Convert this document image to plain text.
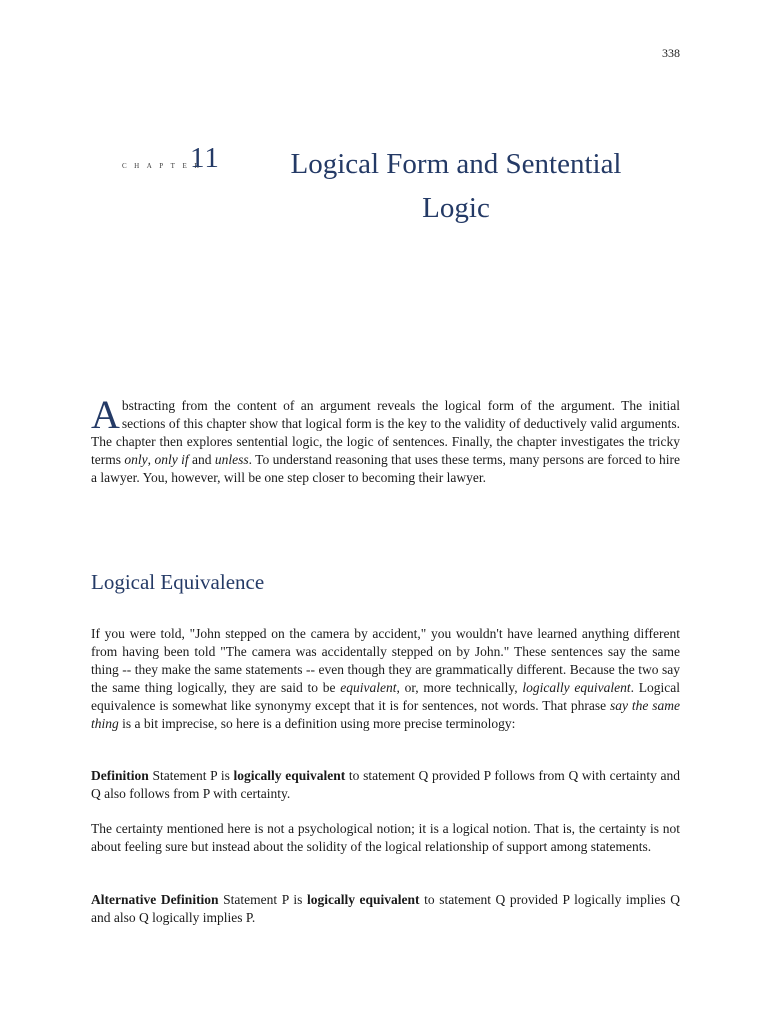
338
CHAPTER
11	Logical Form and Sentential Logic
Abstracting from the content of an argument reveals the logical form of the argument. The initial sections of this chapter show that logical form is the key to the validity of deductively valid arguments. The chapter then explores sentential logic, the logic of sentences. Finally, the chapter investigates the tricky terms only, only if and unless. To understand reasoning that uses these terms, many persons are forced to hire a lawyer. You, however, will be one step closer to becoming their lawyer.
Logical Equivalence
If you were told, "John stepped on the camera by accident," you wouldn't have learned anything different from having been told "The camera was accidentally stepped on by John." These sentences say the same thing -- they make the same statements -- even though they are grammatically different. Because the two say the same thing logically, they are said to be equivalent, or, more technically, logically equivalent. Logical equivalence is somewhat like synonymy except that it is for sentences, not words. That phrase say the same thing is a bit imprecise, so here is a definition using more precise terminology:
Definition Statement P is logically equivalent to statement Q provided P follows from Q with certainty and Q also follows from P with certainty.
The certainty mentioned here is not a psychological notion; it is a logical notion. That is, the certainty is not about feeling sure but instead about the solidity of the logical relationship of support among statements.
Alternative Definition Statement P is logically equivalent to statement Q provided P logically implies Q and also Q logically implies P.
